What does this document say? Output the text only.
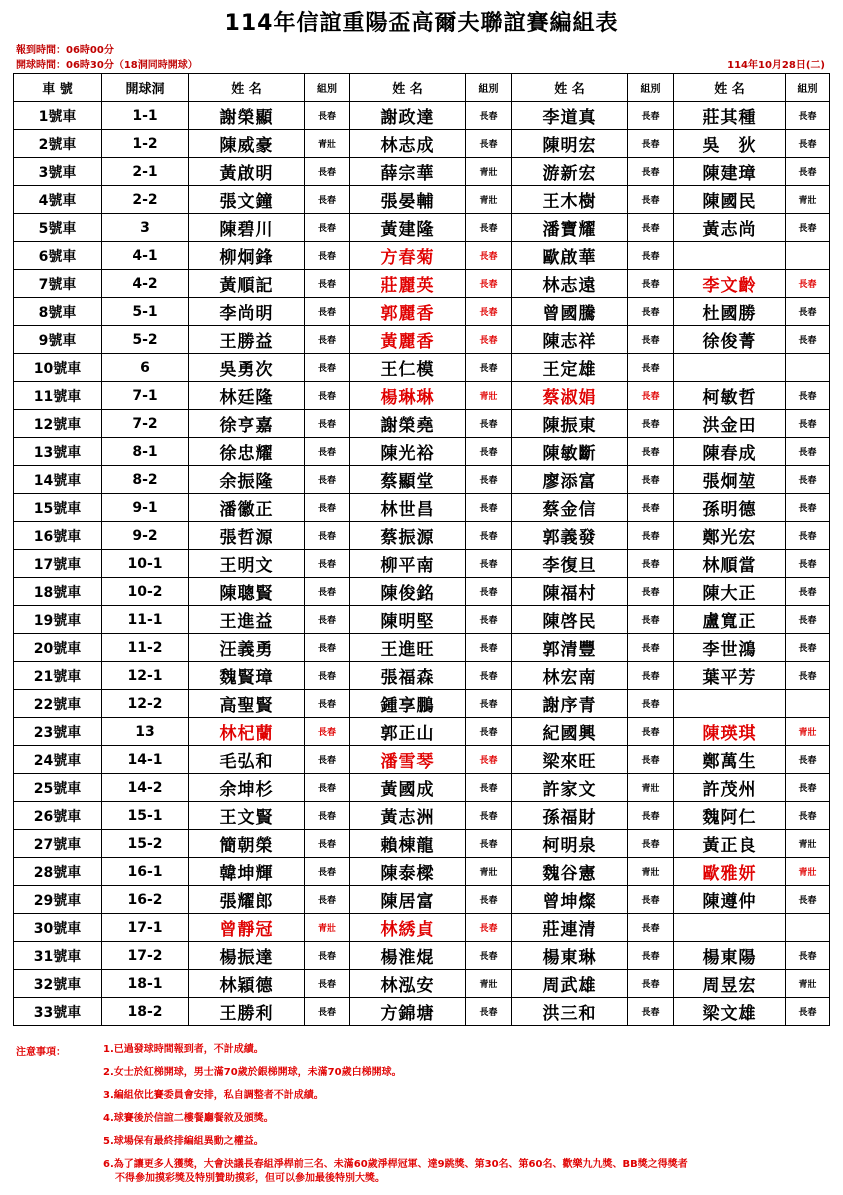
114年信誼重陽盃高爾夫聯誼賽編組表
報到時間：06時00分
開球時間：06時30分（18洞同時開球）	114年10月28日(二)
車 號	開球洞	姓 名	組別	姓 名	組別	姓 名	組別	姓 名	組別
1號車	1-1	謝榮顯	長春	謝政達	長春	李道真	長春	莊其種	長春
2號車	1-2	陳威豪	青壯	林志成	長春	陳明宏	長春	吳　狄	長春
3號車	2-1	黃啟明	長春	薛宗華	青壯	游新宏	長春	陳建璋	長春
4號車	2-2	張文鐘	長春	張晏輔	青壯	王木樹	長春	陳國民	青壯
5號車	3	陳碧川	長春	黃建隆	長春	潘寶耀	長春	黃志尚	長春
6號車	4-1	柳炯鋒	長春	方春菊	長春	歐啟華	長春		
7號車	4-2	黃順記	長春	莊麗英	長春	林志遠	長春	李文齡	長春
8號車	5-1	李尚明	長春	郭麗香	長春	曾國騰	長春	杜國勝	長春
9號車	5-2	王勝益	長春	黃麗香	長春	陳志祥	長春	徐俊菁	長春
10號車	6	吳勇次	長春	王仁模	長春	王定雄	長春		
11號車	7-1	林廷隆	長春	楊琳琳	青壯	蔡淑娟	長春	柯敏哲	長春
12號車	7-2	徐亨嘉	長春	謝榮堯	長春	陳振東	長春	洪金田	長春
13號車	8-1	徐忠耀	長春	陳光裕	長春	陳敏斷	長春	陳春成	長春
14號車	8-2	余振隆	長春	蔡顯堂	長春	廖添富	長春	張炯堃	長春
15號車	9-1	潘徽正	長春	林世昌	長春	蔡金信	長春	孫明德	長春
16號車	9-2	張哲源	長春	蔡振源	長春	郭義發	長春	鄭光宏	長春
17號車	10-1	王明文	長春	柳平南	長春	李復旦	長春	林順當	長春
18號車	10-2	陳聰賢	長春	陳俊銘	長春	陳福村	長春	陳大正	長春
19號車	11-1	王進益	長春	陳明堅	長春	陳啓民	長春	盧寬正	長春
20號車	11-2	汪義勇	長春	王進旺	長春	郭清豐	長春	李世鴻	長春
21號車	12-1	魏賢璋	長春	張福森	長春	林宏南	長春	葉平芳	長春
22號車	12-2	高聖賢	長春	鍾享鵬	長春	謝序青	長春		
23號車	13	林杞蘭	長春	郭正山	長春	紀國興	長春	陳瑛琪	青壯
24號車	14-1	毛弘和	長春	潘雪琴	長春	梁來旺	長春	鄭萬生	長春
25號車	14-2	余坤杉	長春	黃國成	長春	許家文	青壯	許茂州	長春
26號車	15-1	王文賢	長春	黃志洲	長春	孫福財	長春	魏阿仁	長春
27號車	15-2	簡朝榮	長春	賴棟龍	長春	柯明泉	長春	黃正良	青壯
28號車	16-1	韓坤輝	長春	陳泰樑	青壯	魏谷憲	青壯	歐雅妍	青壯
29號車	16-2	張耀郎	長春	陳居富	長春	曾坤燦	長春	陳遵仲	長春
30號車	17-1	曾靜冠	青壯	林綉貞	長春	莊連清	長春		
31號車	17-2	楊振達	長春	楊淮焜	長春	楊東琳	長春	楊東陽	長春
32號車	18-1	林穎德	長春	林泓安	青壯	周武雄	長春	周昱宏	青壯
33號車	18-2	王勝利	長春	方錦塘	長春	洪三和	長春	梁文雄	長春
注意事項：	1.已過發球時間報到者，不計成績。
2.女士於紅梯開球，男士滿70歲於銀梯開球，未滿70歲白梯開球。
3.編組依比賽委員會安排，私自調整者不計成績。
4.球賽後於信誼二樓餐廳餐敘及頒獎。
5.球場保有最終排編組異動之權益。
6.為了讓更多人獲獎，大會決議長春組淨桿前三名、未滿60歲淨桿冠軍、達9跳獎、第30名、第60名、歡樂九九獎、BB獎之得獎者
不得參加摸彩獎及特別贊助摸彩，但可以參加最後特別大獎。
